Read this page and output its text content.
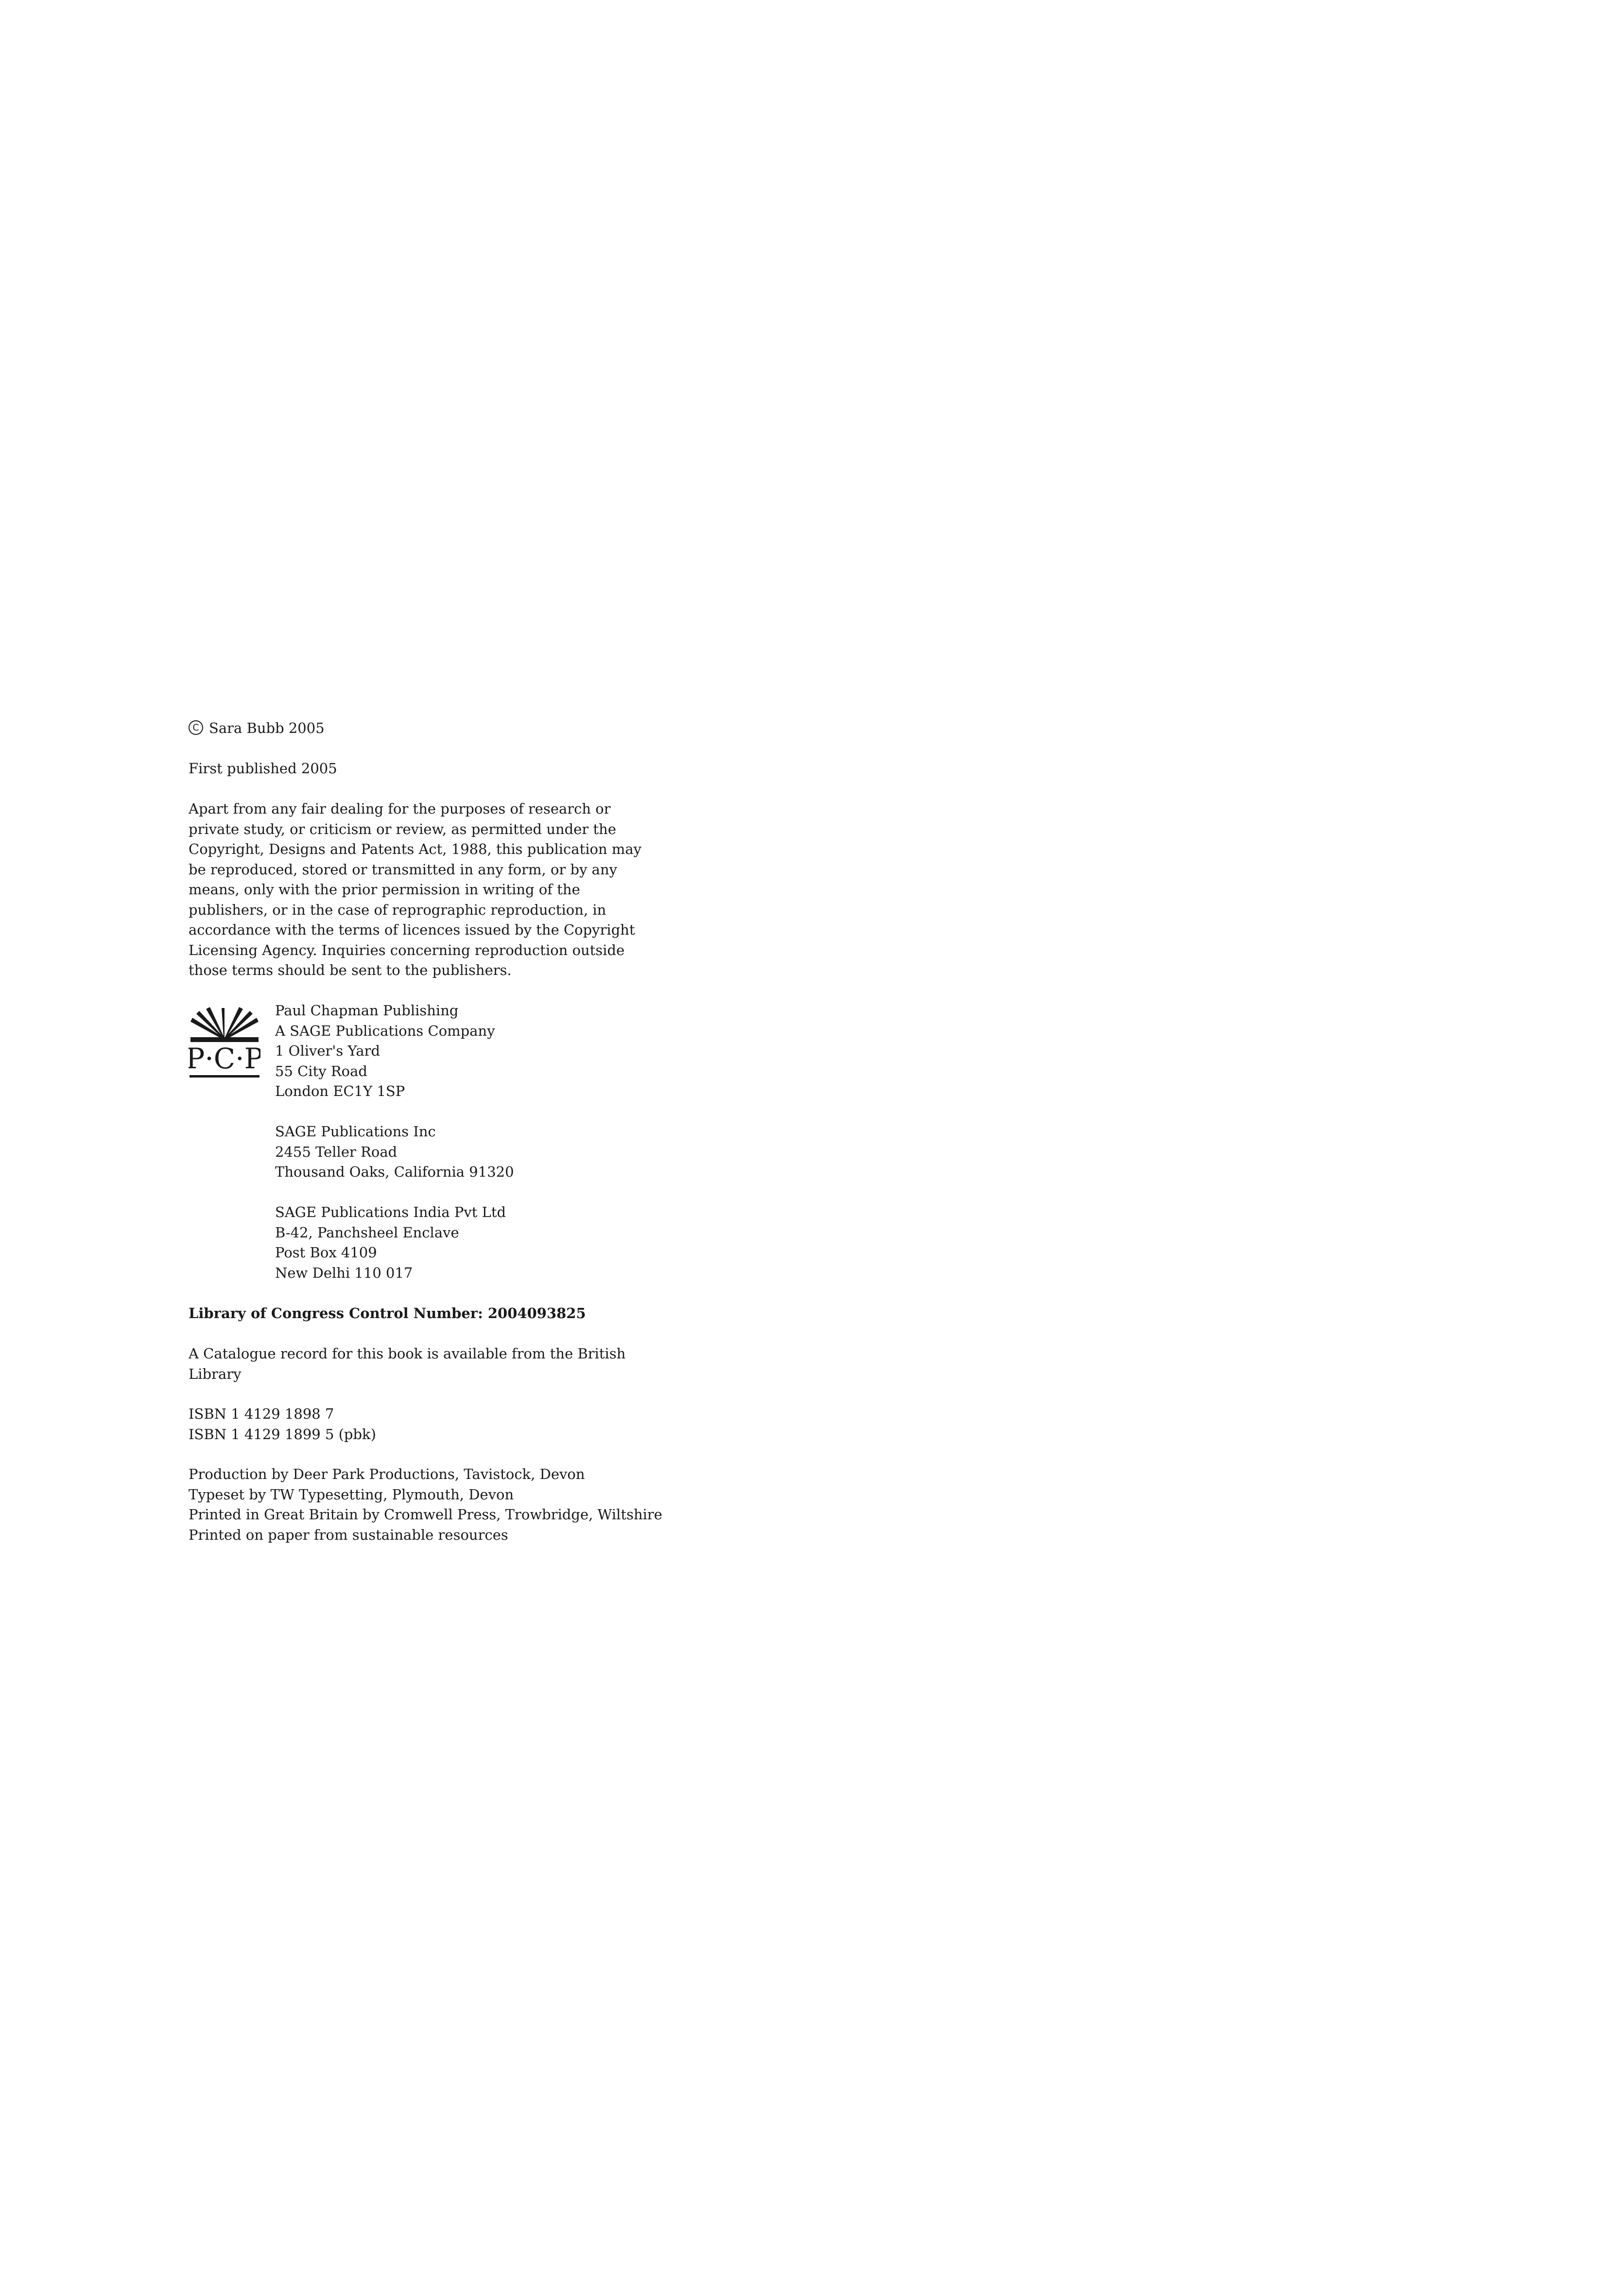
C Sara Bubb 2005

First published 2005

Apart from any fair dealing for the purposes of research or

private study, or criticism or review, as permitted under the

Copyright, Designs and Patents Act, 1988, this publication may

be reproduced, stored or transmitted in any form, or by any

means, only with the prior permission in writing of the

publishers, or in the case of reprographic reproduction, in

accordance with the terms of licences issued by the Copyright

Licensing Agency. Inquiries concerning reproduction outside

those terms should be sent to the publishers.

P·C·P

Paul Chapman Publishing

A SAGE Publications Company

1 Oliver's Yard

55 City Road

London EC1Y 1SP

SAGE Publications Inc

2455 Teller Road

Thousand Oaks, California 91320

SAGE Publications India Pvt Ltd

B-42, Panchsheel Enclave

Post Box 4109

New Delhi 110 017

Library of Congress Control Number: 2004093825

A Catalogue record for this book is available from the British

Library

ISBN 1 4129 1898 7

ISBN 1 4129 1899 5 (pbk)

Production by Deer Park Productions, Tavistock, Devon

Typeset by TW Typesetting, Plymouth, Devon

Printed in Great Britain by Cromwell Press, Trowbridge, Wiltshire

Printed on paper from sustainable resources
